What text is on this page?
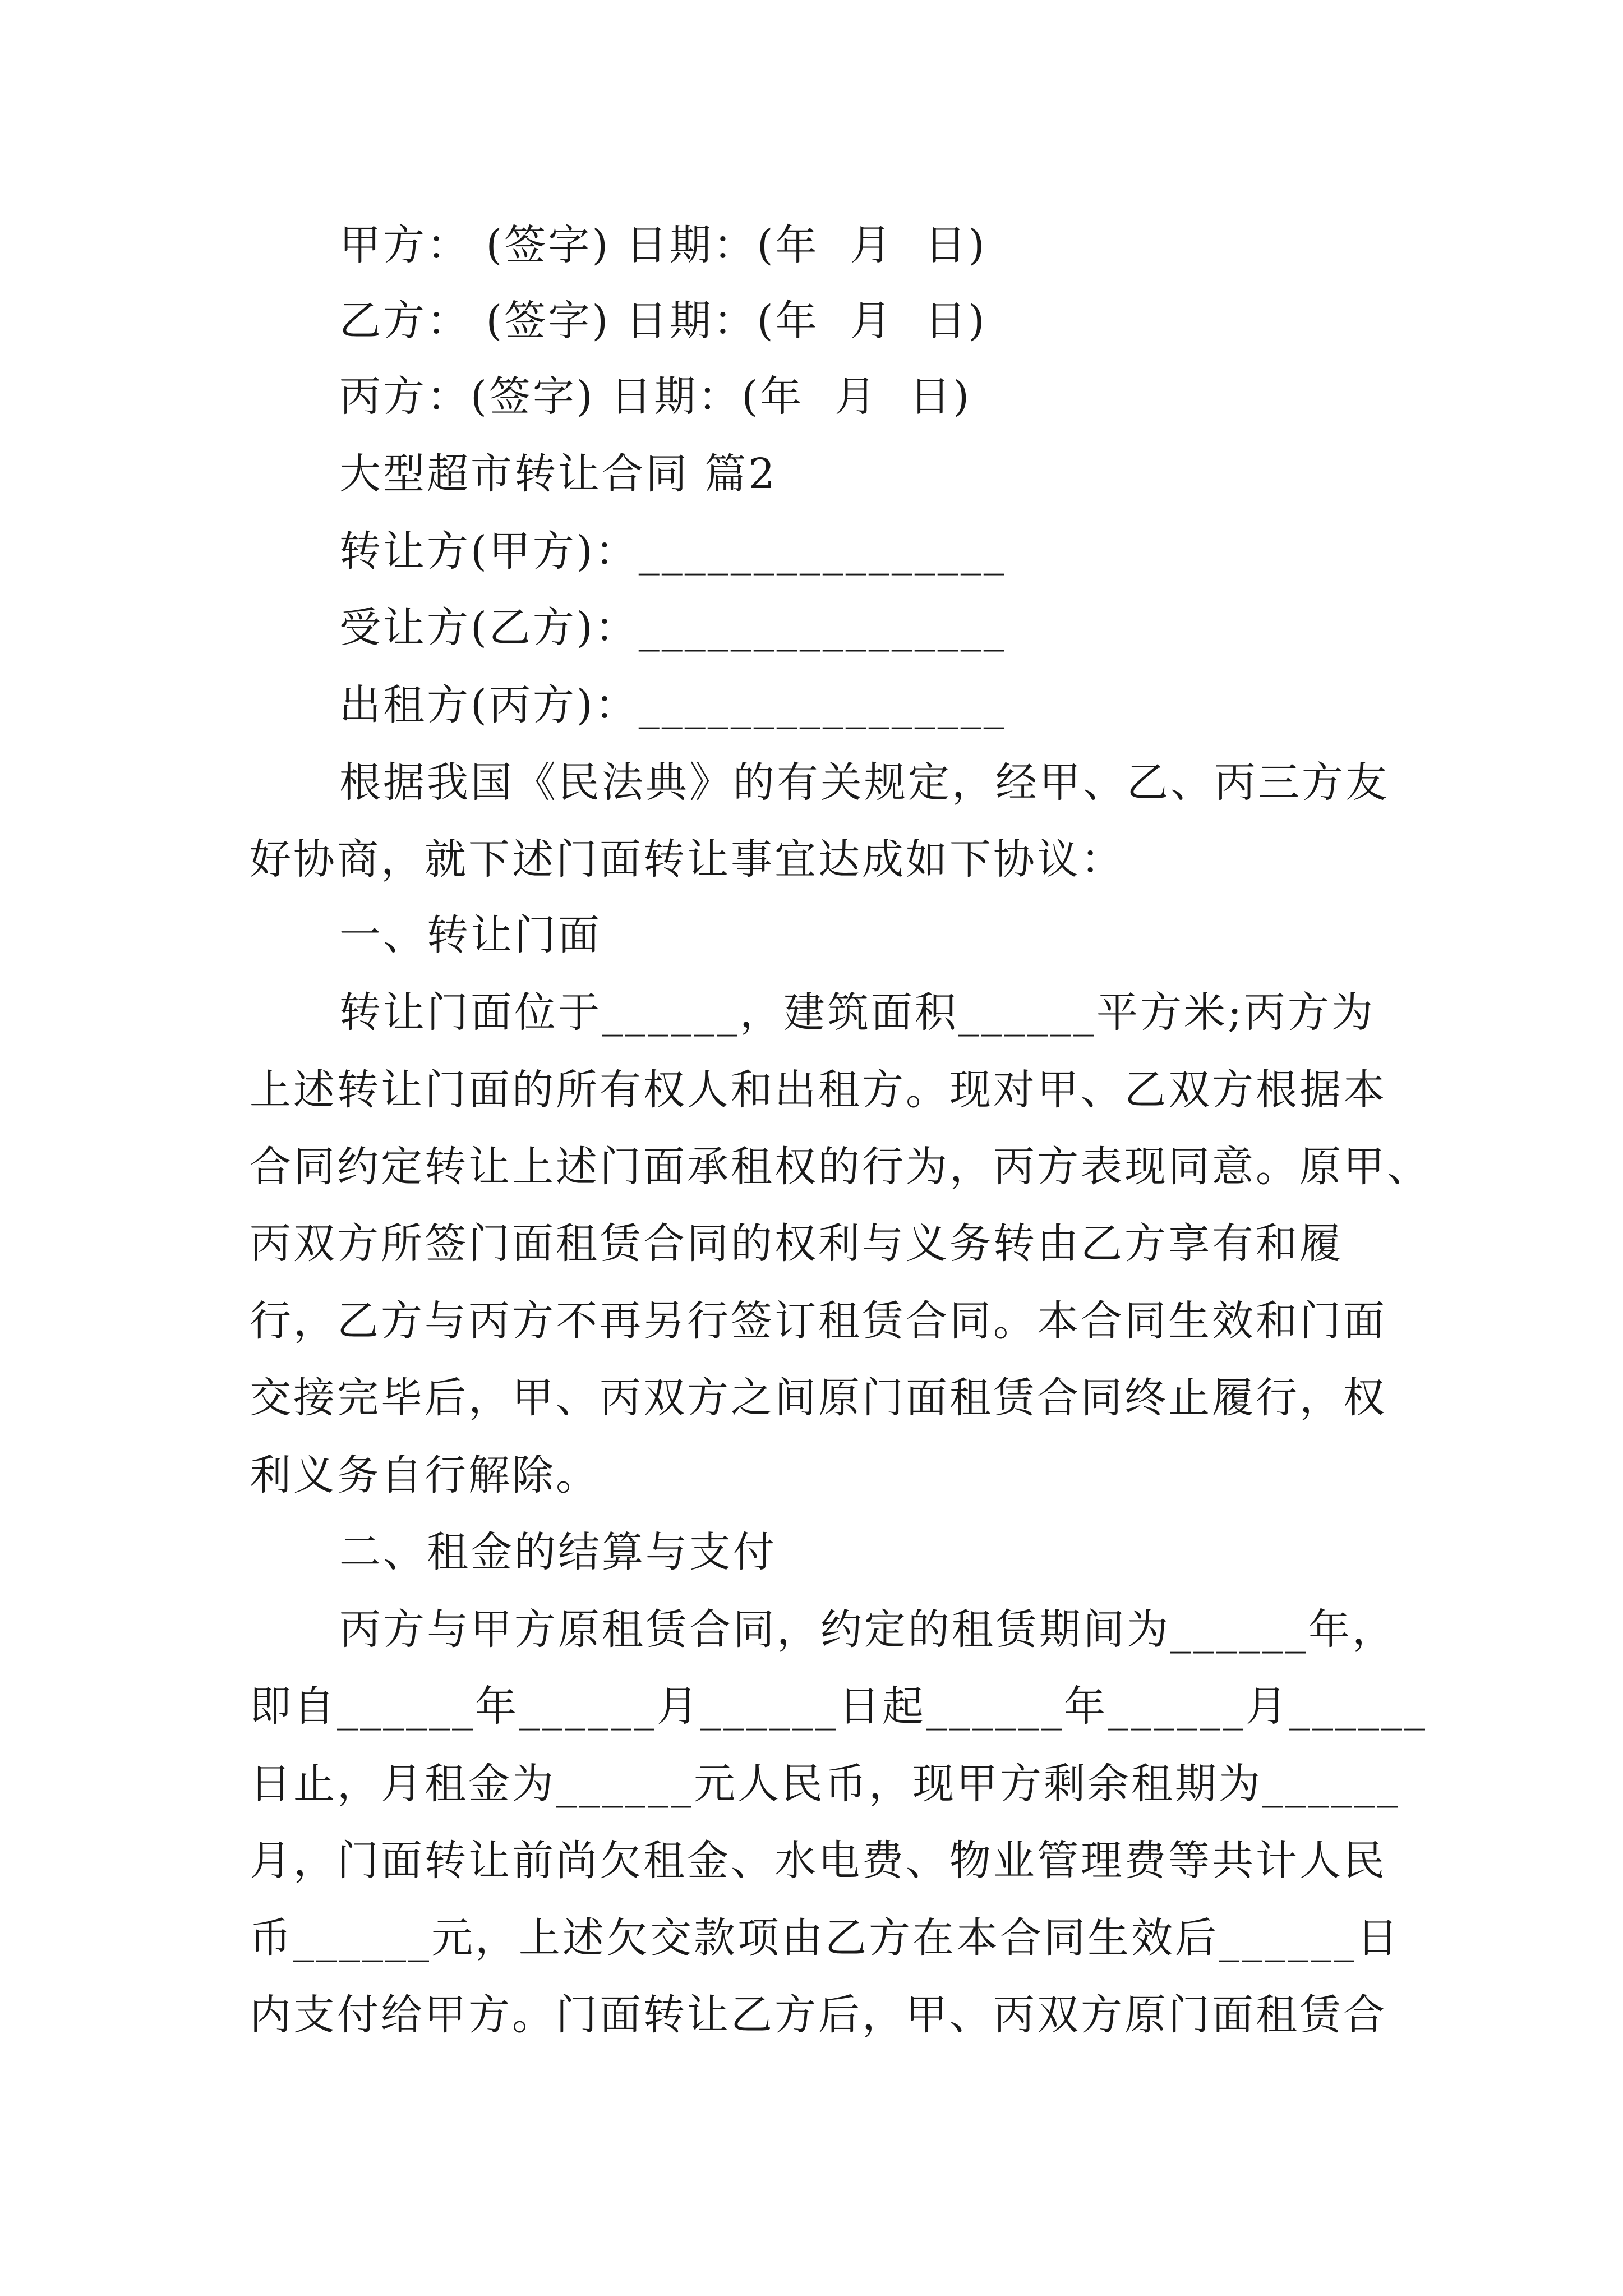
甲方： (签字) 日期：(年  月  日)
乙方： (签字) 日期：(年  月  日)
丙方：(签字) 日期：(年  月  日)
大型超市转让合同 篇2
转让方(甲方)：________________
受让方(乙方)：________________
出租方(丙方)：________________
根据我国《民法典》的有关规定，经甲、乙、丙三方友
好协商，就下述门面转让事宜达成如下协议：
一、转让门面
转让门面位于______，建筑面积______平方米;丙方为
上述转让门面的所有权人和出租方。现对甲、乙双方根据本
合同约定转让上述门面承租权的行为，丙方表现同意。原甲、
丙双方所签门面租赁合同的权利与义务转由乙方享有和履
行，乙方与丙方不再另行签订租赁合同。本合同生效和门面
交接完毕后，甲、丙双方之间原门面租赁合同终止履行，权
利义务自行解除。
二、租金的结算与支付
丙方与甲方原租赁合同，约定的租赁期间为______年，
即自______年______月______日起______年______月______
日止，月租金为______元人民币，现甲方剩余租期为______
月，门面转让前尚欠租金、水电费、物业管理费等共计人民
币______元，上述欠交款项由乙方在本合同生效后______日
内支付给甲方。门面转让乙方后，甲、丙双方原门面租赁合
